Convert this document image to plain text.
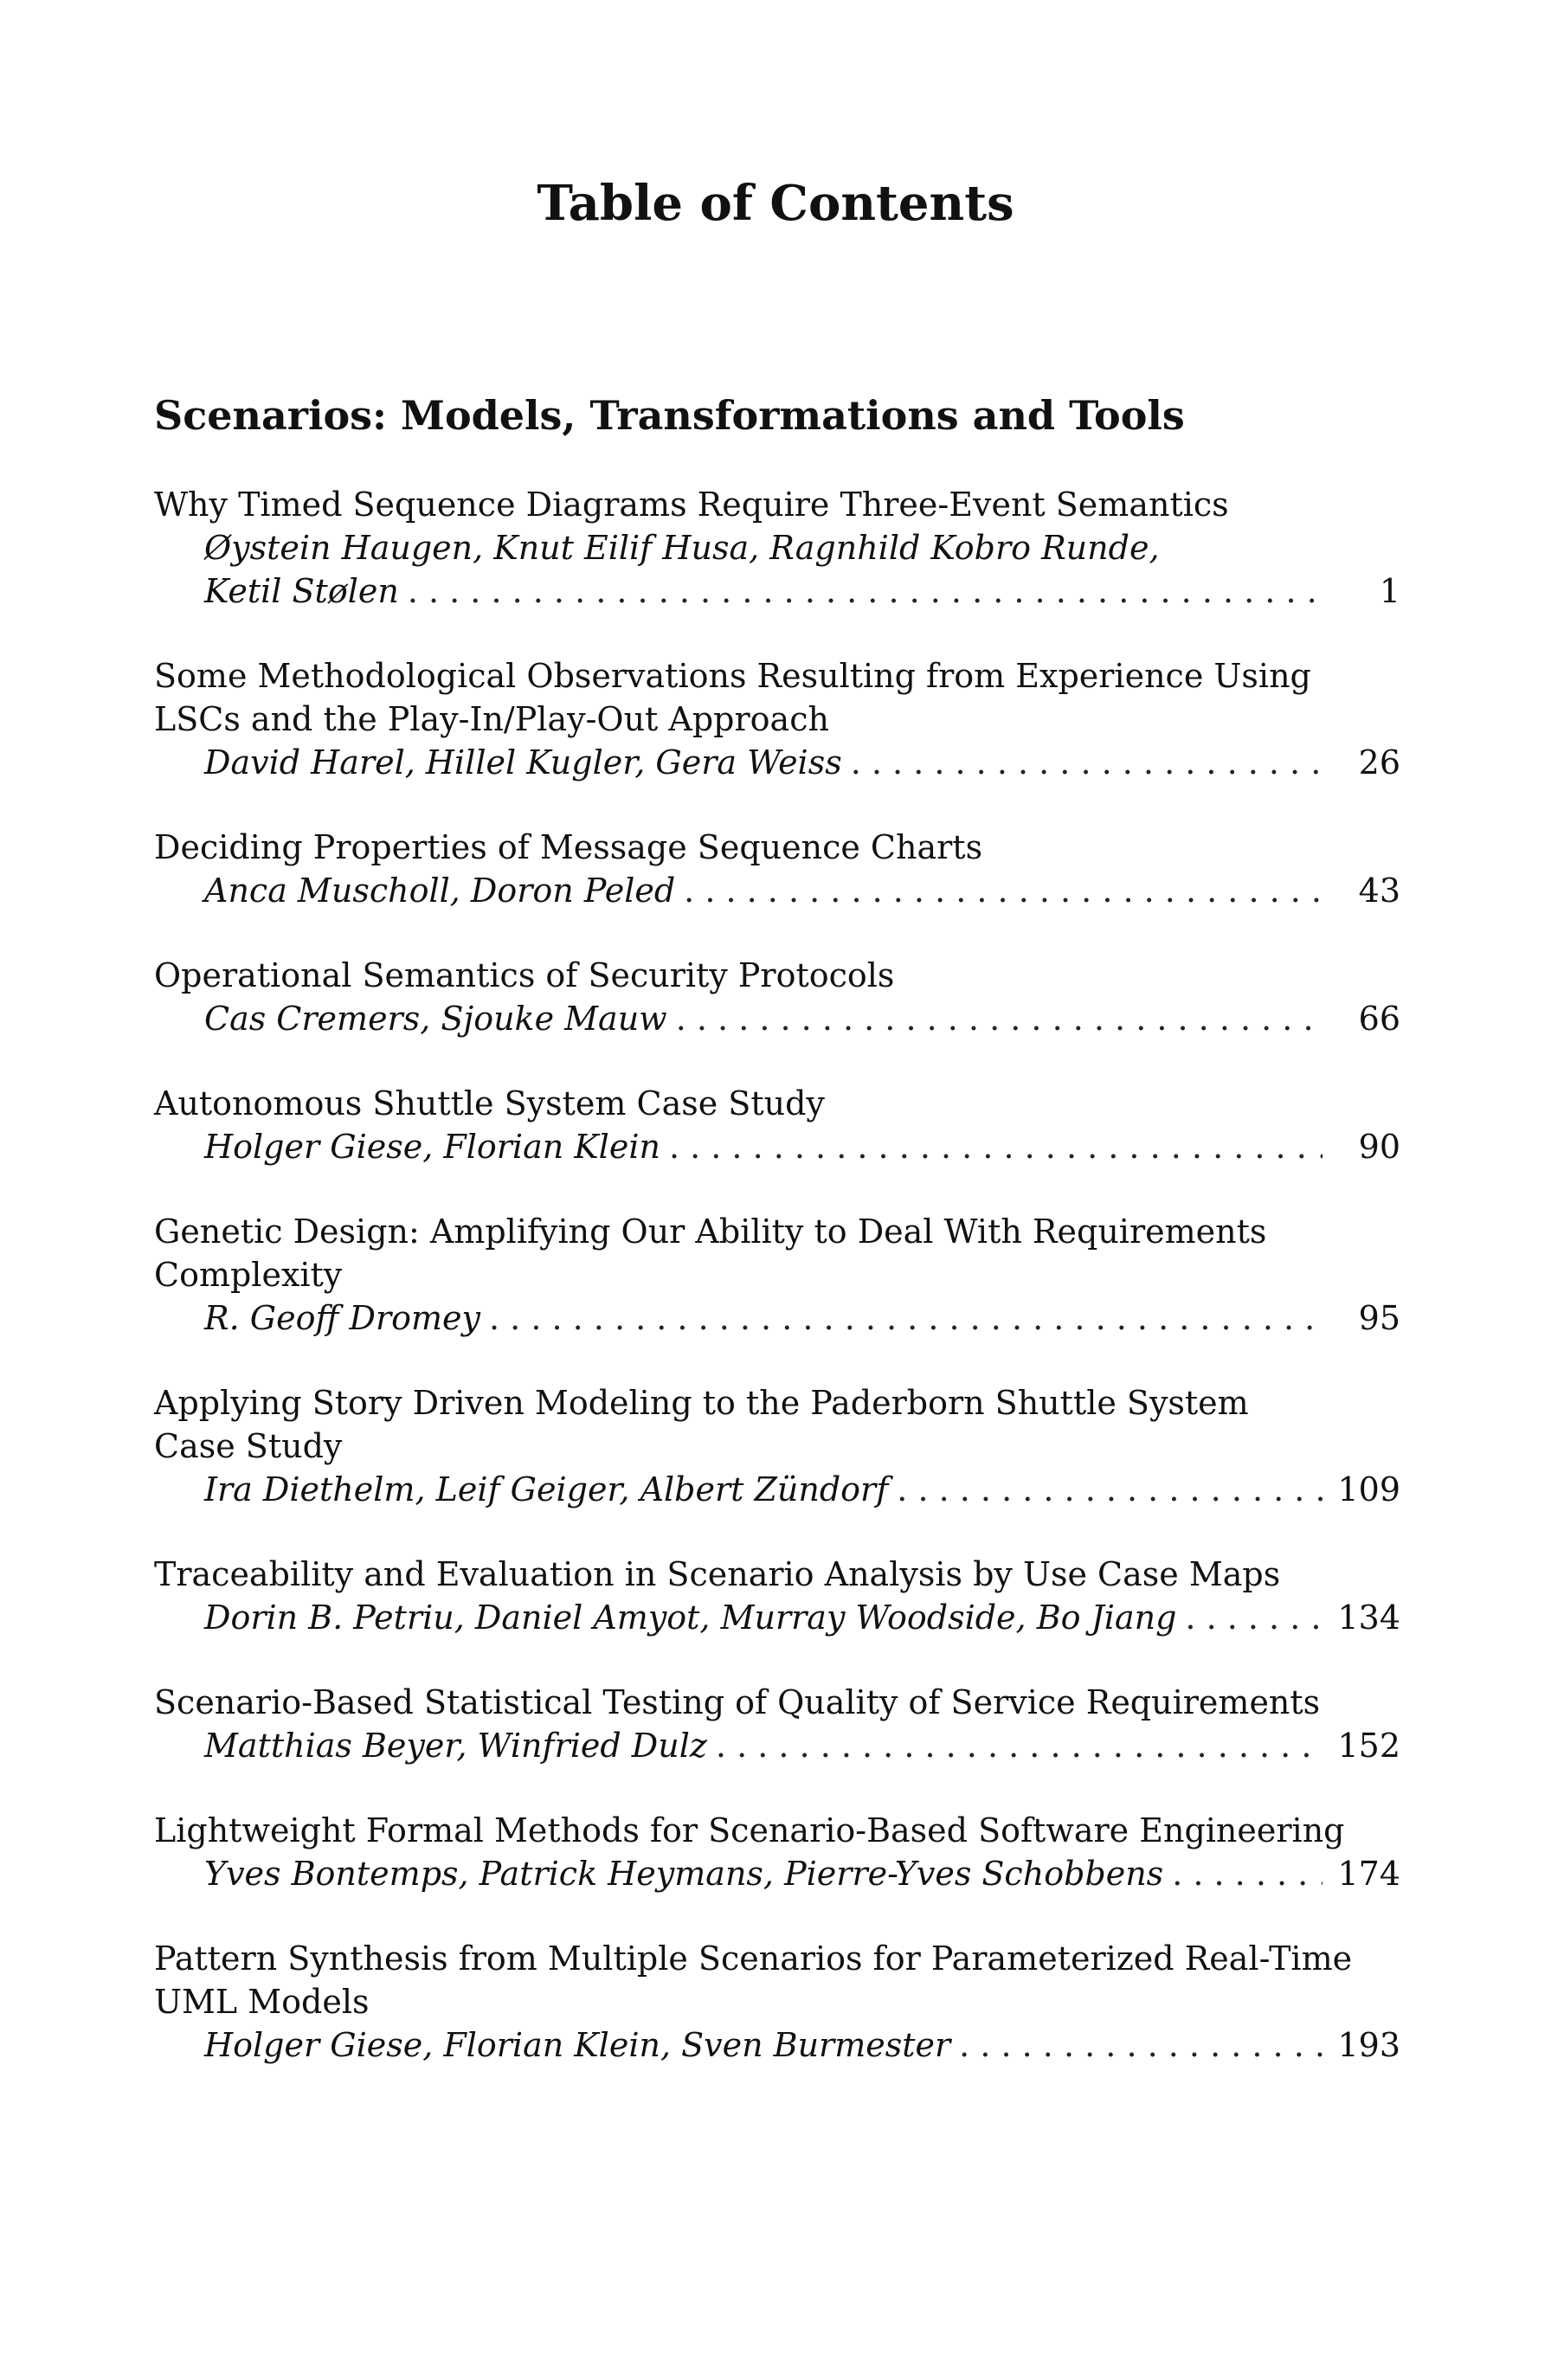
Table of Contents
Scenarios: Models, Transformations and Tools
Why Timed Sequence Diagrams Require Three-Event Semantics
Øystein Haugen, Knut Eilif Husa, Ragnhild Kobro Runde,
Ketil Stølen . . .	1
Some Methodological Observations Resulting from Experience Using
LSCs and the Play-In/Play-Out Approach
David Harel, Hillel Kugler, Gera Weiss . . .	26
Deciding Properties of Message Sequence Charts
Anca Muscholl, Doron Peled . . .	43
Operational Semantics of Security Protocols
Cas Cremers, Sjouke Mauw . . .	66
Autonomous Shuttle System Case Study
Holger Giese, Florian Klein . . .	90
Genetic Design: Amplifying Our Ability to Deal With Requirements
Complexity
R. Geoff Dromey . . .	95
Applying Story Driven Modeling to the Paderborn Shuttle System
Case Study
Ira Diethelm, Leif Geiger, Albert Zündorf . . .	109
Traceability and Evaluation in Scenario Analysis by Use Case Maps
Dorin B. Petriu, Daniel Amyot, Murray Woodside, Bo Jiang . . .	134
Scenario-Based Statistical Testing of Quality of Service Requirements
Matthias Beyer, Winfried Dulz . . .	152
Lightweight Formal Methods for Scenario-Based Software Engineering
Yves Bontemps, Patrick Heymans, Pierre-Yves Schobbens . . .	174
Pattern Synthesis from Multiple Scenarios for Parameterized Real-Time
UML Models
Holger Giese, Florian Klein, Sven Burmester . . .	193
